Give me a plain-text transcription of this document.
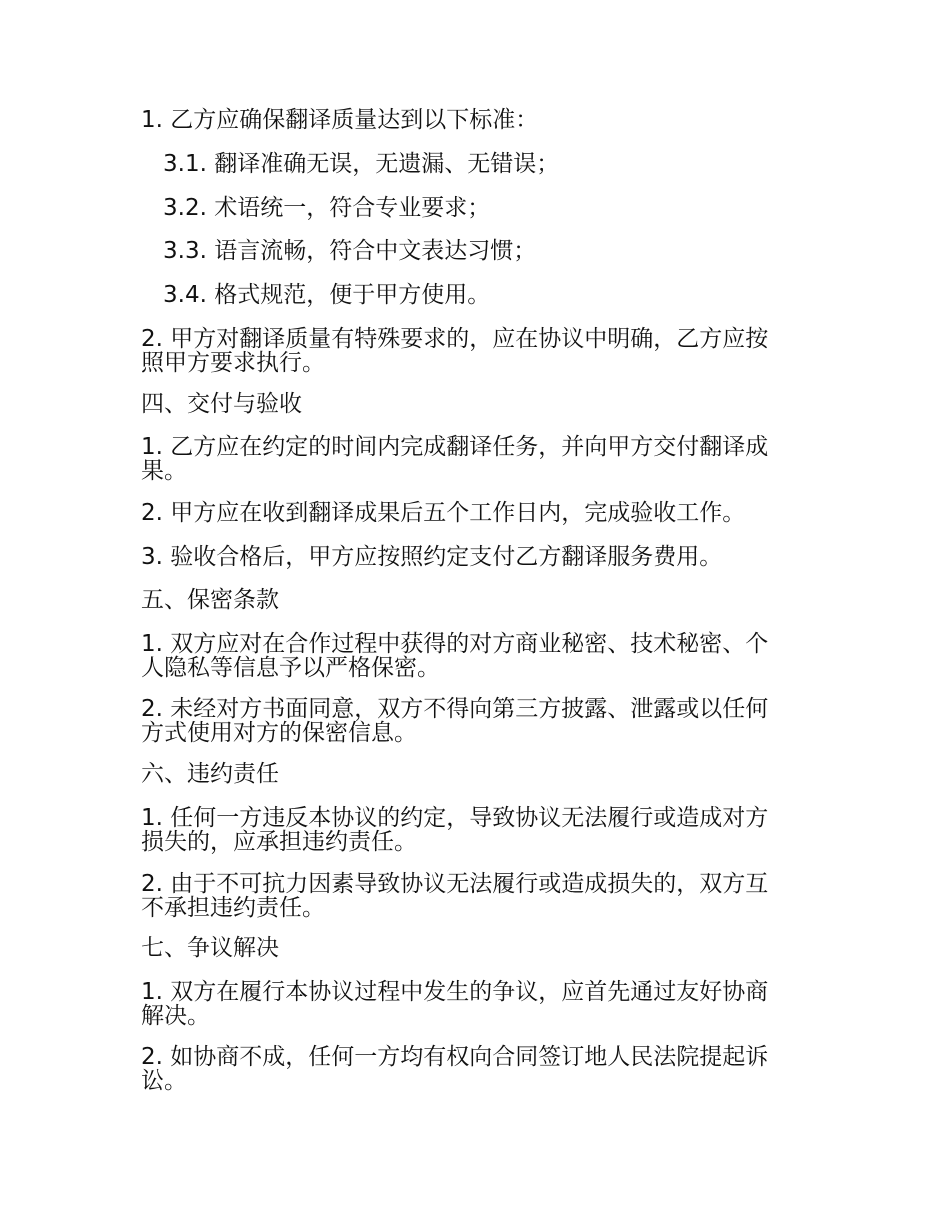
1. 乙方应确保翻译质量达到以下标准：

3.1. 翻译准确无误，无遗漏、无错误；

3.2. 术语统一，符合专业要求；

3.3. 语言流畅，符合中文表达习惯；

3.4. 格式规范，便于甲方使用。

2. 甲方对翻译质量有特殊要求的，应在协议中明确，乙方应按照甲方要求执行。

四、交付与验收

1. 乙方应在约定的时间内完成翻译任务，并向甲方交付翻译成果。

2. 甲方应在收到翻译成果后五个工作日内，完成验收工作。

3. 验收合格后，甲方应按照约定支付乙方翻译服务费用。

五、保密条款

1. 双方应对在合作过程中获得的对方商业秘密、技术秘密、个人隐私等信息予以严格保密。

2. 未经对方书面同意，双方不得向第三方披露、泄露或以任何方式使用对方的保密信息。

六、违约责任

1. 任何一方违反本协议的约定，导致协议无法履行或造成对方损失的，应承担违约责任。

2. 由于不可抗力因素导致协议无法履行或造成损失的，双方互不承担违约责任。

七、争议解决

1. 双方在履行本协议过程中发生的争议，应首先通过友好协商解决。

2. 如协商不成，任何一方均有权向合同签订地人民法院提起诉讼。
